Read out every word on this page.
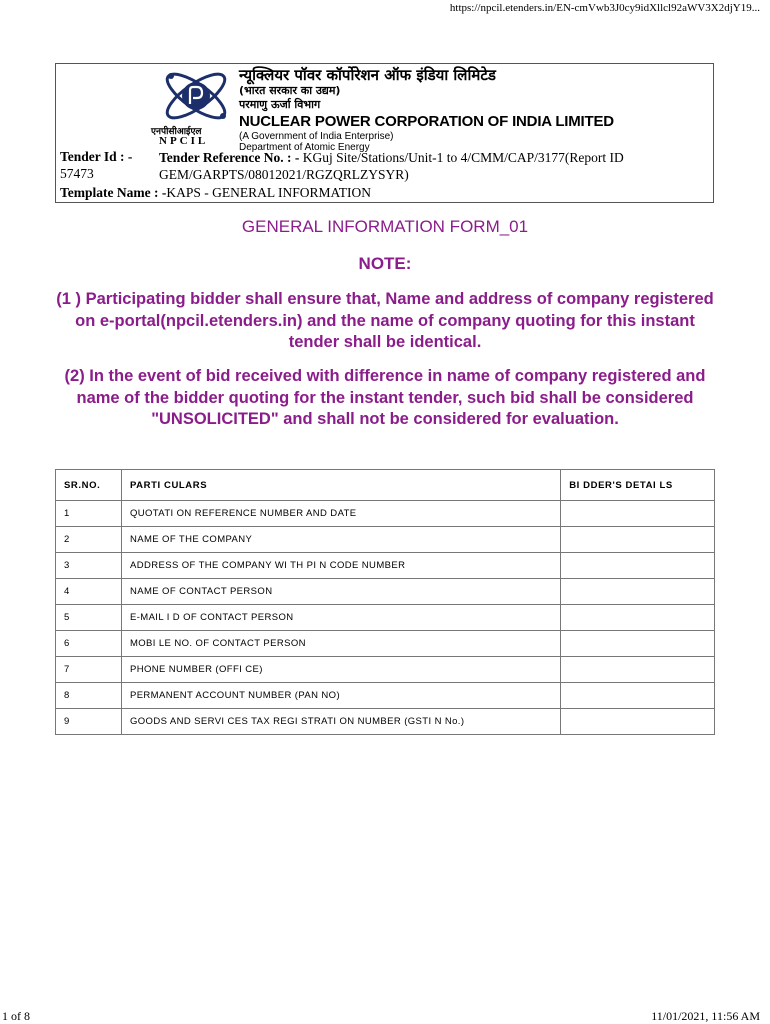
https://npcil.etenders.in/EN-cmVwb3J0cy9idXllcl92aWV3X2djY19...
एनपीसीआईएल
NPCIL
न्यूक्लियर पॉवर कॉर्पोरेशन ऑफ इंडिया लिमिटेड
(भारत सरकार का उद्यम)
परमाणु ऊर्जा विभाग
NUCLEAR POWER CORPORATION OF INDIA LIMITED
(A Government of India Enterprise)
Department of Atomic Energy
Tender Id : -
57473
Tender Reference No. : - KGuj Site/Stations/Unit-1 to 4/CMM/CAP/3177(Report ID GEM/GARPTS/08012021/RGZQRLZYSYR)
Template Name : -KAPS - GENERAL INFORMATION
GENERAL INFORMATION FORM_01
NOTE:
(1 ) Participating bidder shall ensure that, Name and address of company registered on e-portal(npcil.etenders.in) and the name of company quoting for this instant tender shall be identical.
(2) In the event of bid received with difference in name of company registered and name of the bidder quoting for the instant tender, such bid shall be considered "UNSOLICITED" and shall not be considered for evaluation.
SR.NO.	PARTI CULARS	BI DDER'S DETAI LS
1	QUOTATI ON REFERENCE NUMBER AND DATE	
2	NAME OF THE COMPANY	
3	ADDRESS OF THE COMPANY WI TH PI N CODE NUMBER	
4	NAME OF CONTACT PERSON	
5	E-MAIL I D OF CONTACT PERSON	
6	MOBI LE NO. OF CONTACT PERSON	
7	PHONE NUMBER (OFFI CE)	
8	PERMANENT ACCOUNT NUMBER (PAN NO)	
9	GOODS AND SERVI CES TAX REGI STRATI ON NUMBER (GSTI N No.)	
1 of 8	11/01/2021, 11:56 AM
